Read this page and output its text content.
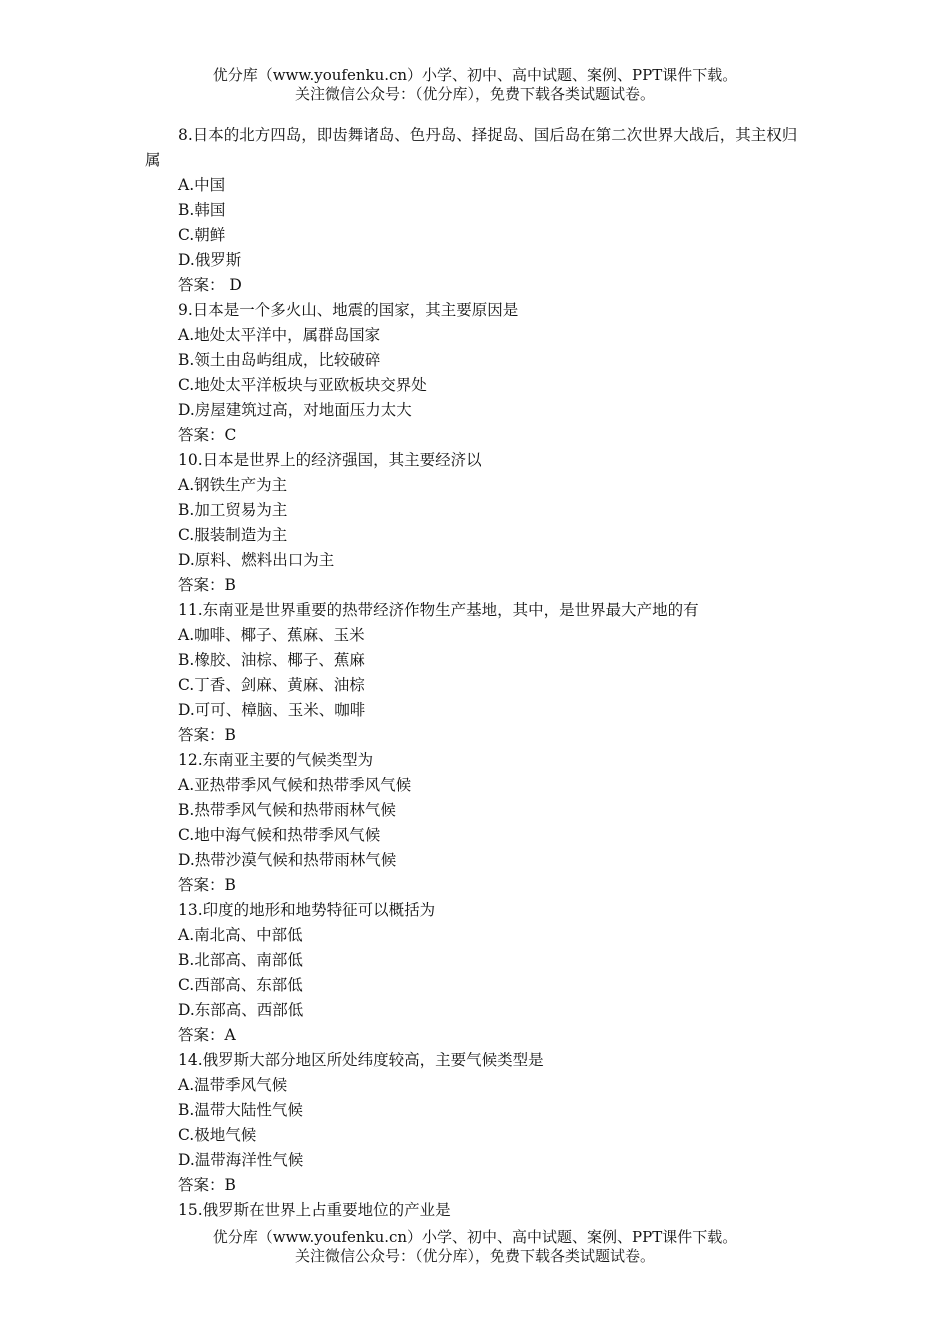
优分库（www.youfenku.cn）小学、初中、高中试题、案例、PPT课件下载。
关注微信公众号：（优分库），免费下载各类试题试卷。
8.日本的北方四岛，即齿舞诸岛、色丹岛、择捉岛、国后岛在第二次世界大战后，其主权归属
A.中国
B.韩国
C.朝鲜
D.俄罗斯
答案： D
9.日本是一个多火山、地震的国家，其主要原因是
A.地处太平洋中，属群岛国家
B.领土由岛屿组成，比较破碎
C.地处太平洋板块与亚欧板块交界处
D.房屋建筑过高，对地面压力太大
答案：C
10.日本是世界上的经济强国，其主要经济以
A.钢铁生产为主
B.加工贸易为主
C.服装制造为主
D.原料、燃料出口为主
答案：B
11.东南亚是世界重要的热带经济作物生产基地，其中，是世界最大产地的有
A.咖啡、椰子、蕉麻、玉米
B.橡胶、油棕、椰子、蕉麻
C.丁香、剑麻、黄麻、油棕
D.可可、樟脑、玉米、咖啡
答案：B
12.东南亚主要的气候类型为
A.亚热带季风气候和热带季风气候
B.热带季风气候和热带雨林气候
C.地中海气候和热带季风气候
D.热带沙漠气候和热带雨林气候
答案：B
13.印度的地形和地势特征可以概括为
A.南北高、中部低
B.北部高、南部低
C.西部高、东部低
D.东部高、西部低
答案：A
14.俄罗斯大部分地区所处纬度较高，主要气候类型是
A.温带季风气候
B.温带大陆性气候
C.极地气候
D.温带海洋性气候
答案：B
15.俄罗斯在世界上占重要地位的产业是
优分库（www.youfenku.cn）小学、初中、高中试题、案例、PPT课件下载。
关注微信公众号：（优分库），免费下载各类试题试卷。
